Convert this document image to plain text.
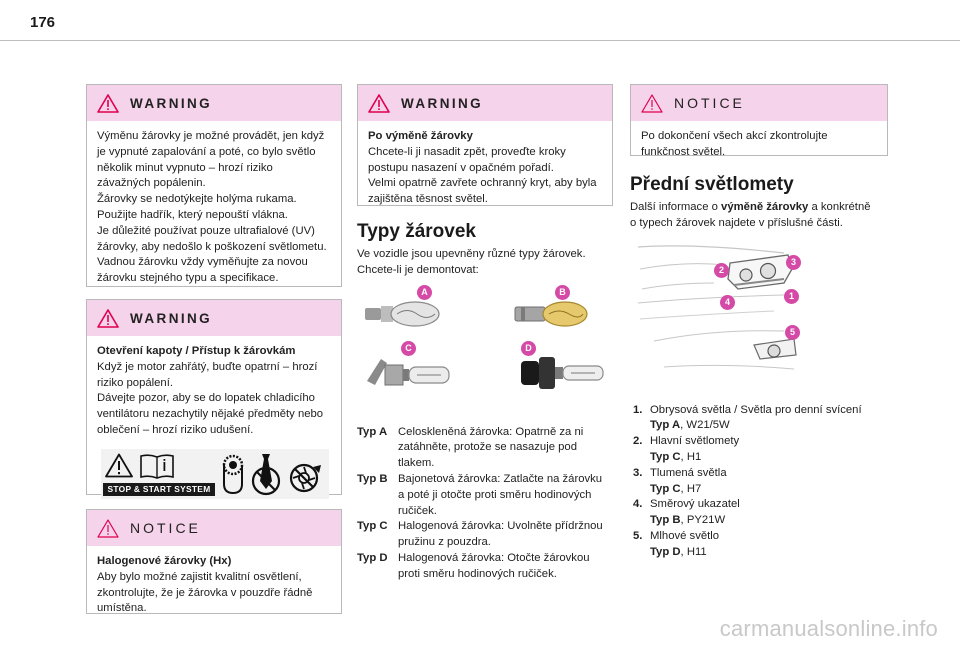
176
WARNING

Výměnu žárovky je možné provádět, jen když

je vypnuté zapalování a poté, co bylo světlo

několik minut vypnuto – hrozí riziko

závažných popálenin.

Žárovky se nedotýkejte holýma rukama.

Použijte hadřík, který nepouští vlákna.

Je důležité používat pouze ultrafialové (UV)

žárovky, aby nedošlo k poškození světlometu.

Vadnou žárovku vždy vyměňujte za novou

žárovku stejného typu a specifikace.

WARNING

Otevření kapoty / Přístup k žárovkám

Když je motor zahřátý, buďte opatrní – hrozí

riziko popálení.

Dávejte pozor, aby se do lopatek chladicího

ventilátoru nezachytily nějaké předměty nebo

oblečení – hrozí riziko udušení.

STOP & START SYSTEM
NOTICE

Halogenové žárovky (Hx)

Aby bylo možné zajistit kvalitní osvětlení,

zkontrolujte, že je žárovka v pouzdře řádně

umístěna.

WARNING

Po výměně žárovky

Chcete-li ji nasadit zpět, proveďte kroky

postupu nasazení v opačném pořadí.

Velmi opatrně zavřete ochranný kryt, aby byla

zajištěna těsnost světel.

Typy žárovek

Ve vozidle jsou upevněny různé typy žárovek.

Chcete-li je demontovat:

A	B
C	D
Typ A Celoskleněná žárovka: Opatrně za ni
zatáhněte, protože se nasazuje pod
tlakem.
Typ B Bajonetová žárovka: Zatlačte na žárovku
a poté ji otočte proti směru hodinových
ručiček.
Typ C Halogenová žárovka: Uvolněte přídržnou
pružinu z pouzdra.
Typ D Halogenová žárovka: Otočte žárovkou
proti směru hodinových ručiček.
NOTICE

Po dokončení všech akcí zkontrolujte

funkčnost světel.

Přední světlomety

Další informace o výměně žárovky a konkrétně

o typech žárovek najdete v příslušné části.

3
2
1
4
5
1. Obrysová světla / Světla pro denní svícení
Typ A, W21/5W
2. Hlavní světlomety
Typ C, H1
3. Tlumená světla
Typ C, H7
4. Směrový ukazatel
Typ B, PY21W
5. Mlhové světlo
Typ D, H11
carmanualsonline.info
